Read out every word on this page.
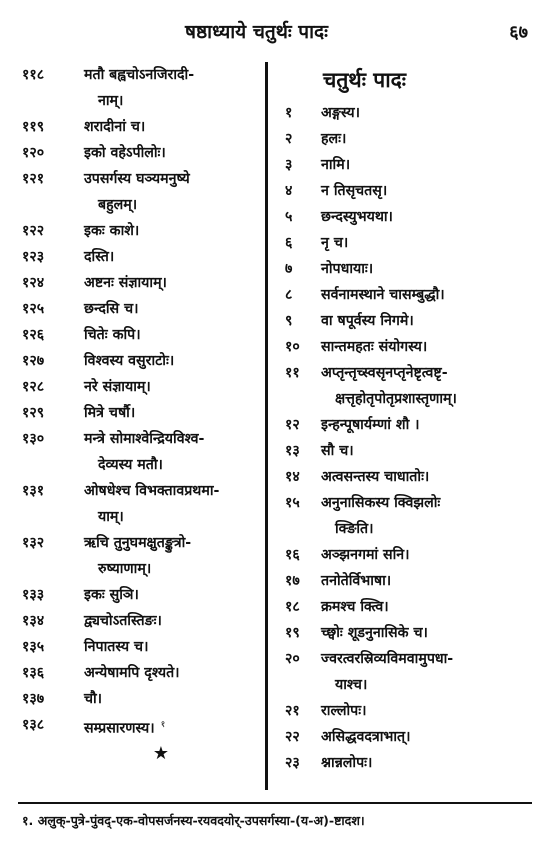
षष्ठाध्याये चतुर्थः पादः	६७
११८	मतौ बह्वचोऽनजिरादी-
नाम्।
११९	शरादीनां च।
१२०	इको वहेऽपीलोः।
१२१	उपसर्गस्य घञ्यमनुष्ये
बहुलम्।
१२२	इकः काशे।
१२३	दस्ति।
१२४	अष्टनः संज्ञायाम्।
१२५	छन्दसि च।
१२६	चितेः कपि।
१२७	विश्वस्य वसुराटोः।
१२८	नरे संज्ञायाम्।
१२९	मित्रे चर्षौ।
१३०	मन्त्रे सोमाश्वेन्द्रियविश्व-
देव्यस्य मतौ।
१३१	ओषधेश्च विभक्तावप्रथमा-
याम्।
१३२	ऋचि तुनुघमक्षुतङ्कुत्रो-
रुष्याणाम्।
१३३	इकः सुञि।
१३४	द्व्यचोऽतस्तिङः।
१३५	निपातस्य च।
१३६	अन्येषामपि दृश्यते।
१३७	चौ।
१३८	सम्प्रसारणस्य। $^१$
★
चतुर्थः पादः
१	अङ्गस्य।
२	हलः।
३	नामि।
४	न तिसृचतसृ।
५	छन्दस्युभयथा।
६	नृ च।
७	नोपधायाः।
८	सर्वनामस्थाने चासम्बुद्धौ।
९	वा षपूर्वस्य निगमे।
१०	सान्तमहतः संयोगस्य।
११	अप्तृन्तृच्स्वसृनप्तृनेष्टृत्वष्टृ-
क्षत्तृहोतृपोतृप्रशास्तृणाम्।
१२	इन्हन्पूषार्यम्णां शौ ।
१३	सौ च।
१४	अत्वसन्तस्य चाधातोः।
१५	अनुनासिकस्य क्विझलोः
क्ङिति।
१६	अञ्झनगमां सनि।
१७	तनोतेर्विभाषा।
१८	क्रमश्च क्त्वि।
१९	च्छ्वोः शूडनुनासिके च।
२०	ज्वरत्वरस्रिव्यविमवामुपधा-
याश्च।
२१	राल्लोपः।
२२	असिद्धवदत्राभात्।
२३	श्नान्नलोपः।
१. अलुक्-पुत्रे-पुंवद्-एक-वोपसर्जनस्य-रयवदयोर्-उपसर्गस्या-(य-अ)-ष्टादश।
